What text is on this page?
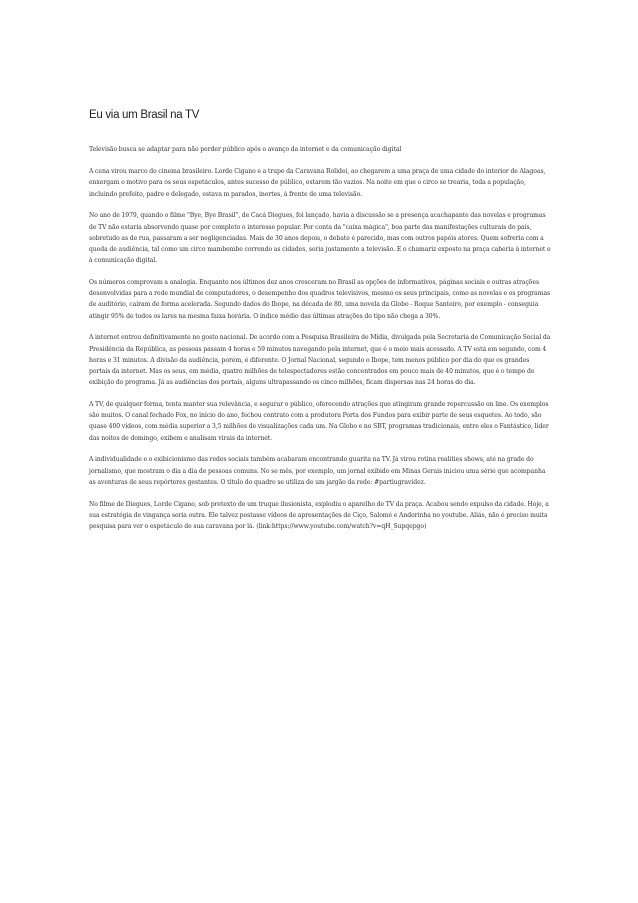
Eu via um Brasil na TV

Televisão busca se adaptar para não perder público após o avanço da internet e da comunicação digital

A cena virou marco do cinema brasileiro. Lorde Cigano e a trupe da Caravana Rolidei, ao chegarem a uma praça de uma cidade do interior de Alagoas, enxergam o motivo para os seus espetáculos, antes sucesso de público, estarem tão vazios. Na noite em que o circo se trearia, toda a população, incluindo prefeito, padre e delegado, estava m parados, inertes, à frente de uma televisão.

No ano de 1979, quando o filme "Bye, Bye Brasil", de Cacá Diegues, foi lançado, havia a discussão se a presença acachapante das novelas e programas de TV não estaria absorvendo quase por completo o interesse popular. Por conta da "caixa mágica", boa parte das manifestações culturais do país, sobretudo as de rua, passaram a ser negligenciadas. Mais de 30 anos depois, o debate é parecido, mas com outros papéis atores. Quem sofreria com a queda de audiência, tal como um circo mambembe correndo as cidades, seria justamente a televisão. E o chamariz exposto na praça caberia à internet e à comunicação digital.

Os números comprovam a analogia. Enquanto nos últimos dez anos cresceram no Brasil as opções de informativos, páginas sociais e outras atrações desenvolvidas para a rede mundial de computadores, o desempenho dos quadros televisivos, mesmo os seus principais, como as novelas e os programas de auditório, caíram de forma acelerada. Segundo dados do Ibope, na década de 80, uma novela da Globo - Roque Santeiro, por exemplo - conseguia atingir 95% de todos os lares na mesma faixa horária. O índice médio das últimas atrações do tipo não chega a 30%.

A internet entrou definitivamente no gosto nacional. De acordo com a Pesquisa Brasileira de Mídia, divulgada pela Secretaria de Comunicação Social da Presidência da República, as pessoas passam 4 horas e 59 minutos navegando pela internet, que é o meio mais acessado. A TV está em segundo, com 4 horas e 31 minutos. A divisão da audiência, porém, é diferente. O Jornal Nacional, segundo o Ibope, tem menos público por dia do que os grandes portais da internet. Mas os seus, em média, quatro milhões de telespectadores estão concentrados em pouco mais de 40 minutos, que é o tempo de exibição do programa. Já as audiências dos portais, alguns ultrapassando os cinco milhões, ficam dispersas nas 24 horas do dia.

A TV, de qualquer forma, tenta manter sua relevância, e segurar o público, oferecendo atrações que atingiram grande repercussão on line. Os exemplos são muitos. O canal fechado Fox, no início do ano, fechou contrato com a produtora Porta dos Fundos para exibir parte de seus esquetes. Ao todo, são quase 400 vídeos, com média superior a 3,5 milhões de visualizações cada um. Na Globo e no SBT, programas tradicionais, entre eles o Fantástico, líder das noites de domingo, exibem e analisam virais da internet.

A individualidade e o exibicionismo das redes sociais também acabaram encontrando guarita na TV. Já virou rotina realities shows, até na grade do jornalismo, que mostram o dia a dia de pessoas comuns. No se mês, por exemplo, um jornal exibido em Minas Gerais iniciou uma série que acompanha as aventuras de seus repórteres gestantes. O título do quadro se utiliza de um jargão da rede: #partiugravidez.

No filme de Diegues, Lorde Cigano, sob pretexto de um truque ilusionista, explodiu o aparelho de TV da praça. Acabou sendo expulso da cidade. Hoje, a sua estratégia de vingança seria outra. Ele talvez postasse vídeos de apresentações de Ciço, Salomé e Andorinha no youtube. Aliás, não é preciso muita pesquisa para ver o espetáculo de sua caravana por lá. (link:https://www.youtube.com/watch?v=qH_Supqepgo)
